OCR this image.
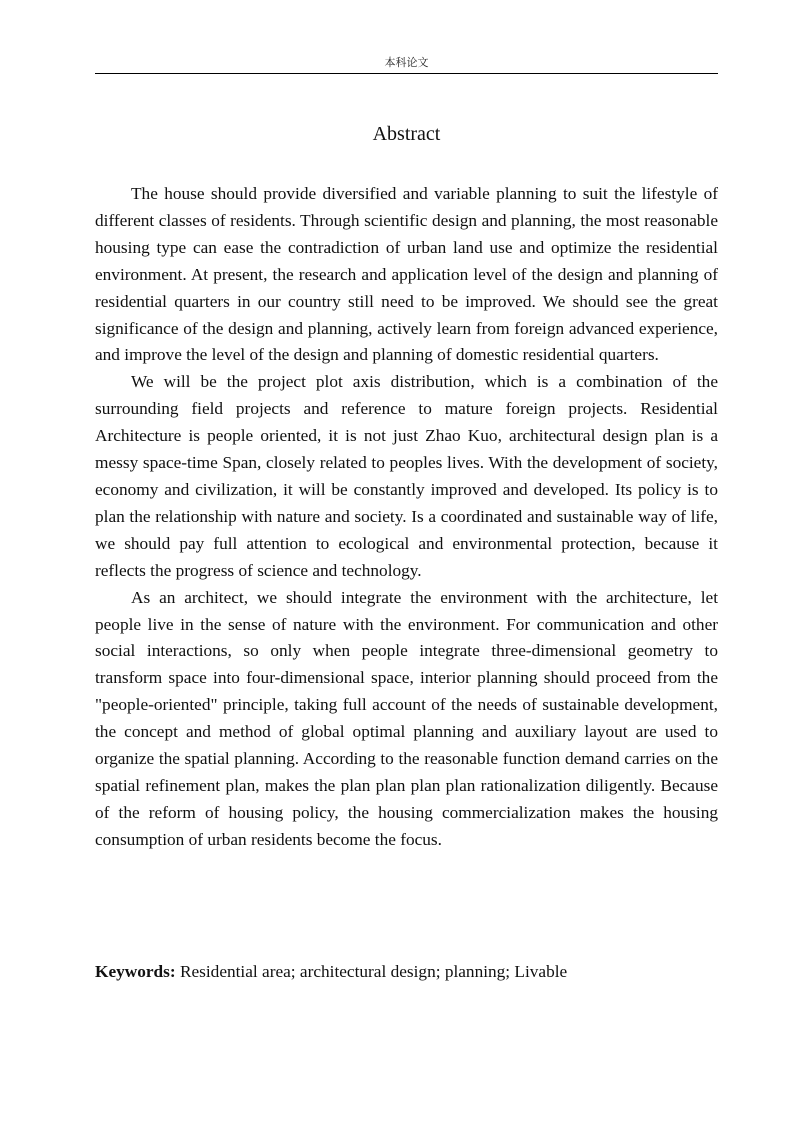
本科论文
Abstract

The house should provide diversified and variable planning to suit the lifestyle of different classes of residents. Through scientific design and planning, the most reasonable housing type can ease the contradiction of urban land use and optimize the residential environment. At present, the research and application level of the design and planning of residential quarters in our country still need to be improved. We should see the great significance of the design and planning, actively learn from foreign advanced experience, and improve the level of the design and planning of domestic residential quarters.

We will be the project plot axis distribution, which is a combination of the surrounding field projects and reference to mature foreign projects. Residential Architecture is people oriented, it is not just Zhao Kuo, architectural design plan is a messy space-time Span, closely related to peoples lives. With the development of society, economy and civilization, it will be constantly improved and developed. Its policy is to plan the relationship with nature and society. Is a coordinated and sustainable way of life, we should pay full attention to ecological and environmental protection, because it reflects the progress of science and technology.

As an architect, we should integrate the environment with the architecture, let people live in the sense of nature with the environment. For communication and other social interactions, so only when people integrate three-dimensional geometry to transform space into four-dimensional space, interior planning should proceed from the "people-oriented" principle, taking full account of the needs of sustainable development, the concept and method of global optimal planning and auxiliary layout are used to organize the spatial planning. According to the reasonable function demand carries on the spatial refinement plan, makes the plan plan plan plan rationalization diligently. Because of the reform of housing policy, the housing commercialization makes the housing consumption of urban residents become the focus.

Keywords: Residential area; architectural design; planning; Livable
